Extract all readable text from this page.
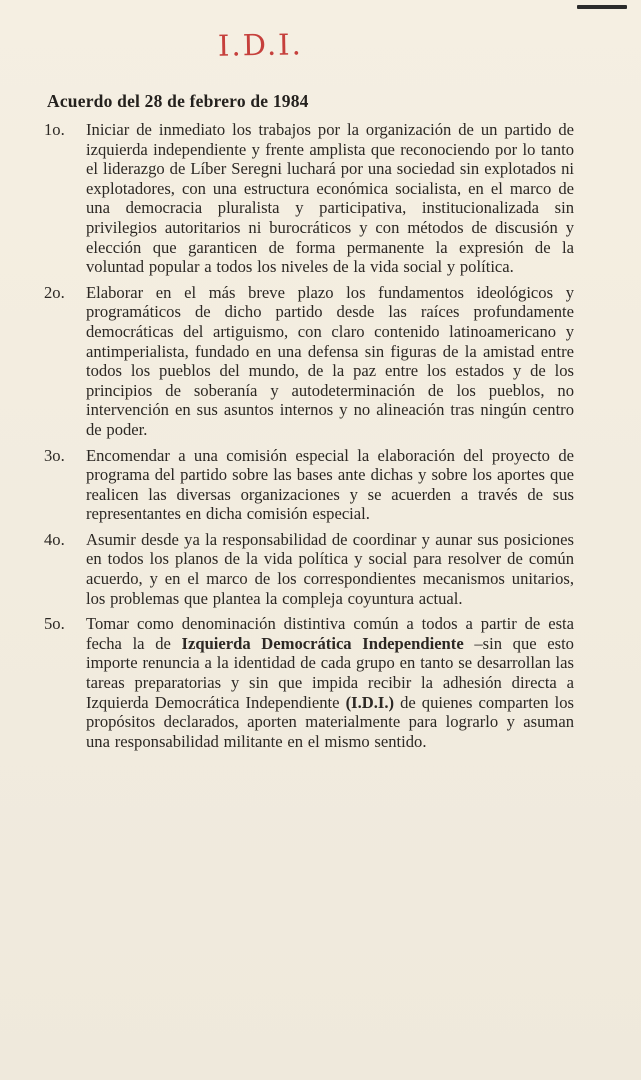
I.D.I.
Acuerdo del 28 de febrero de 1984
1o.	Iniciar de inmediato los trabajos por la organización de un partido de izquierda independiente y frente amplista que reconociendo por lo tanto el liderazgo de Líber Seregni luchará por una sociedad sin explotados ni explotadores, con una estructura económica socialista, en el marco de una democracia pluralista y participativa, institucionalizada sin privilegios autoritarios ni burocráticos y con métodos de discusión y elección que garanticen de forma permanente la expresión de la voluntad popular a todos los niveles de la vida social y política.
2o.	Elaborar en el más breve plazo los fundamentos ideológicos y programáticos de dicho partido desde las raíces profundamente democráticas del artiguismo, con claro contenido latinoamericano y antimperialista, fundado en una defensa sin figuras de la amistad entre todos los pueblos del mundo, de la paz entre los estados y de los principios de soberanía y autodeterminación de los pueblos, no intervención en sus asuntos internos y no alineación tras ningún centro de poder.
3o.	Encomendar a una comisión especial la elaboración del proyecto de programa del partido sobre las bases ante dichas y sobre los aportes que realicen las diversas organizaciones y se acuerden a través de sus representantes en dicha comisión especial.
4o.	Asumir desde ya la responsabilidad de coordinar y aunar sus posiciones en todos los planos de la vida política y social para resolver de común acuerdo, y en el marco de los correspondientes mecanismos unitarios, los problemas que plantea la compleja coyuntura actual.
5o.	Tomar como denominación distintiva común a todos a partir de esta fecha la de Izquierda Democrática Independiente –sin que esto importe renuncia a la identidad de cada grupo en tanto se desarrollan las tareas preparatorias y sin que impida recibir la adhesión directa a Izquierda Democrática Independiente (I.D.I.) de quienes comparten los propósitos declarados, aporten materialmente para lograrlo y asuman una responsabilidad militante en el mismo sentido.
